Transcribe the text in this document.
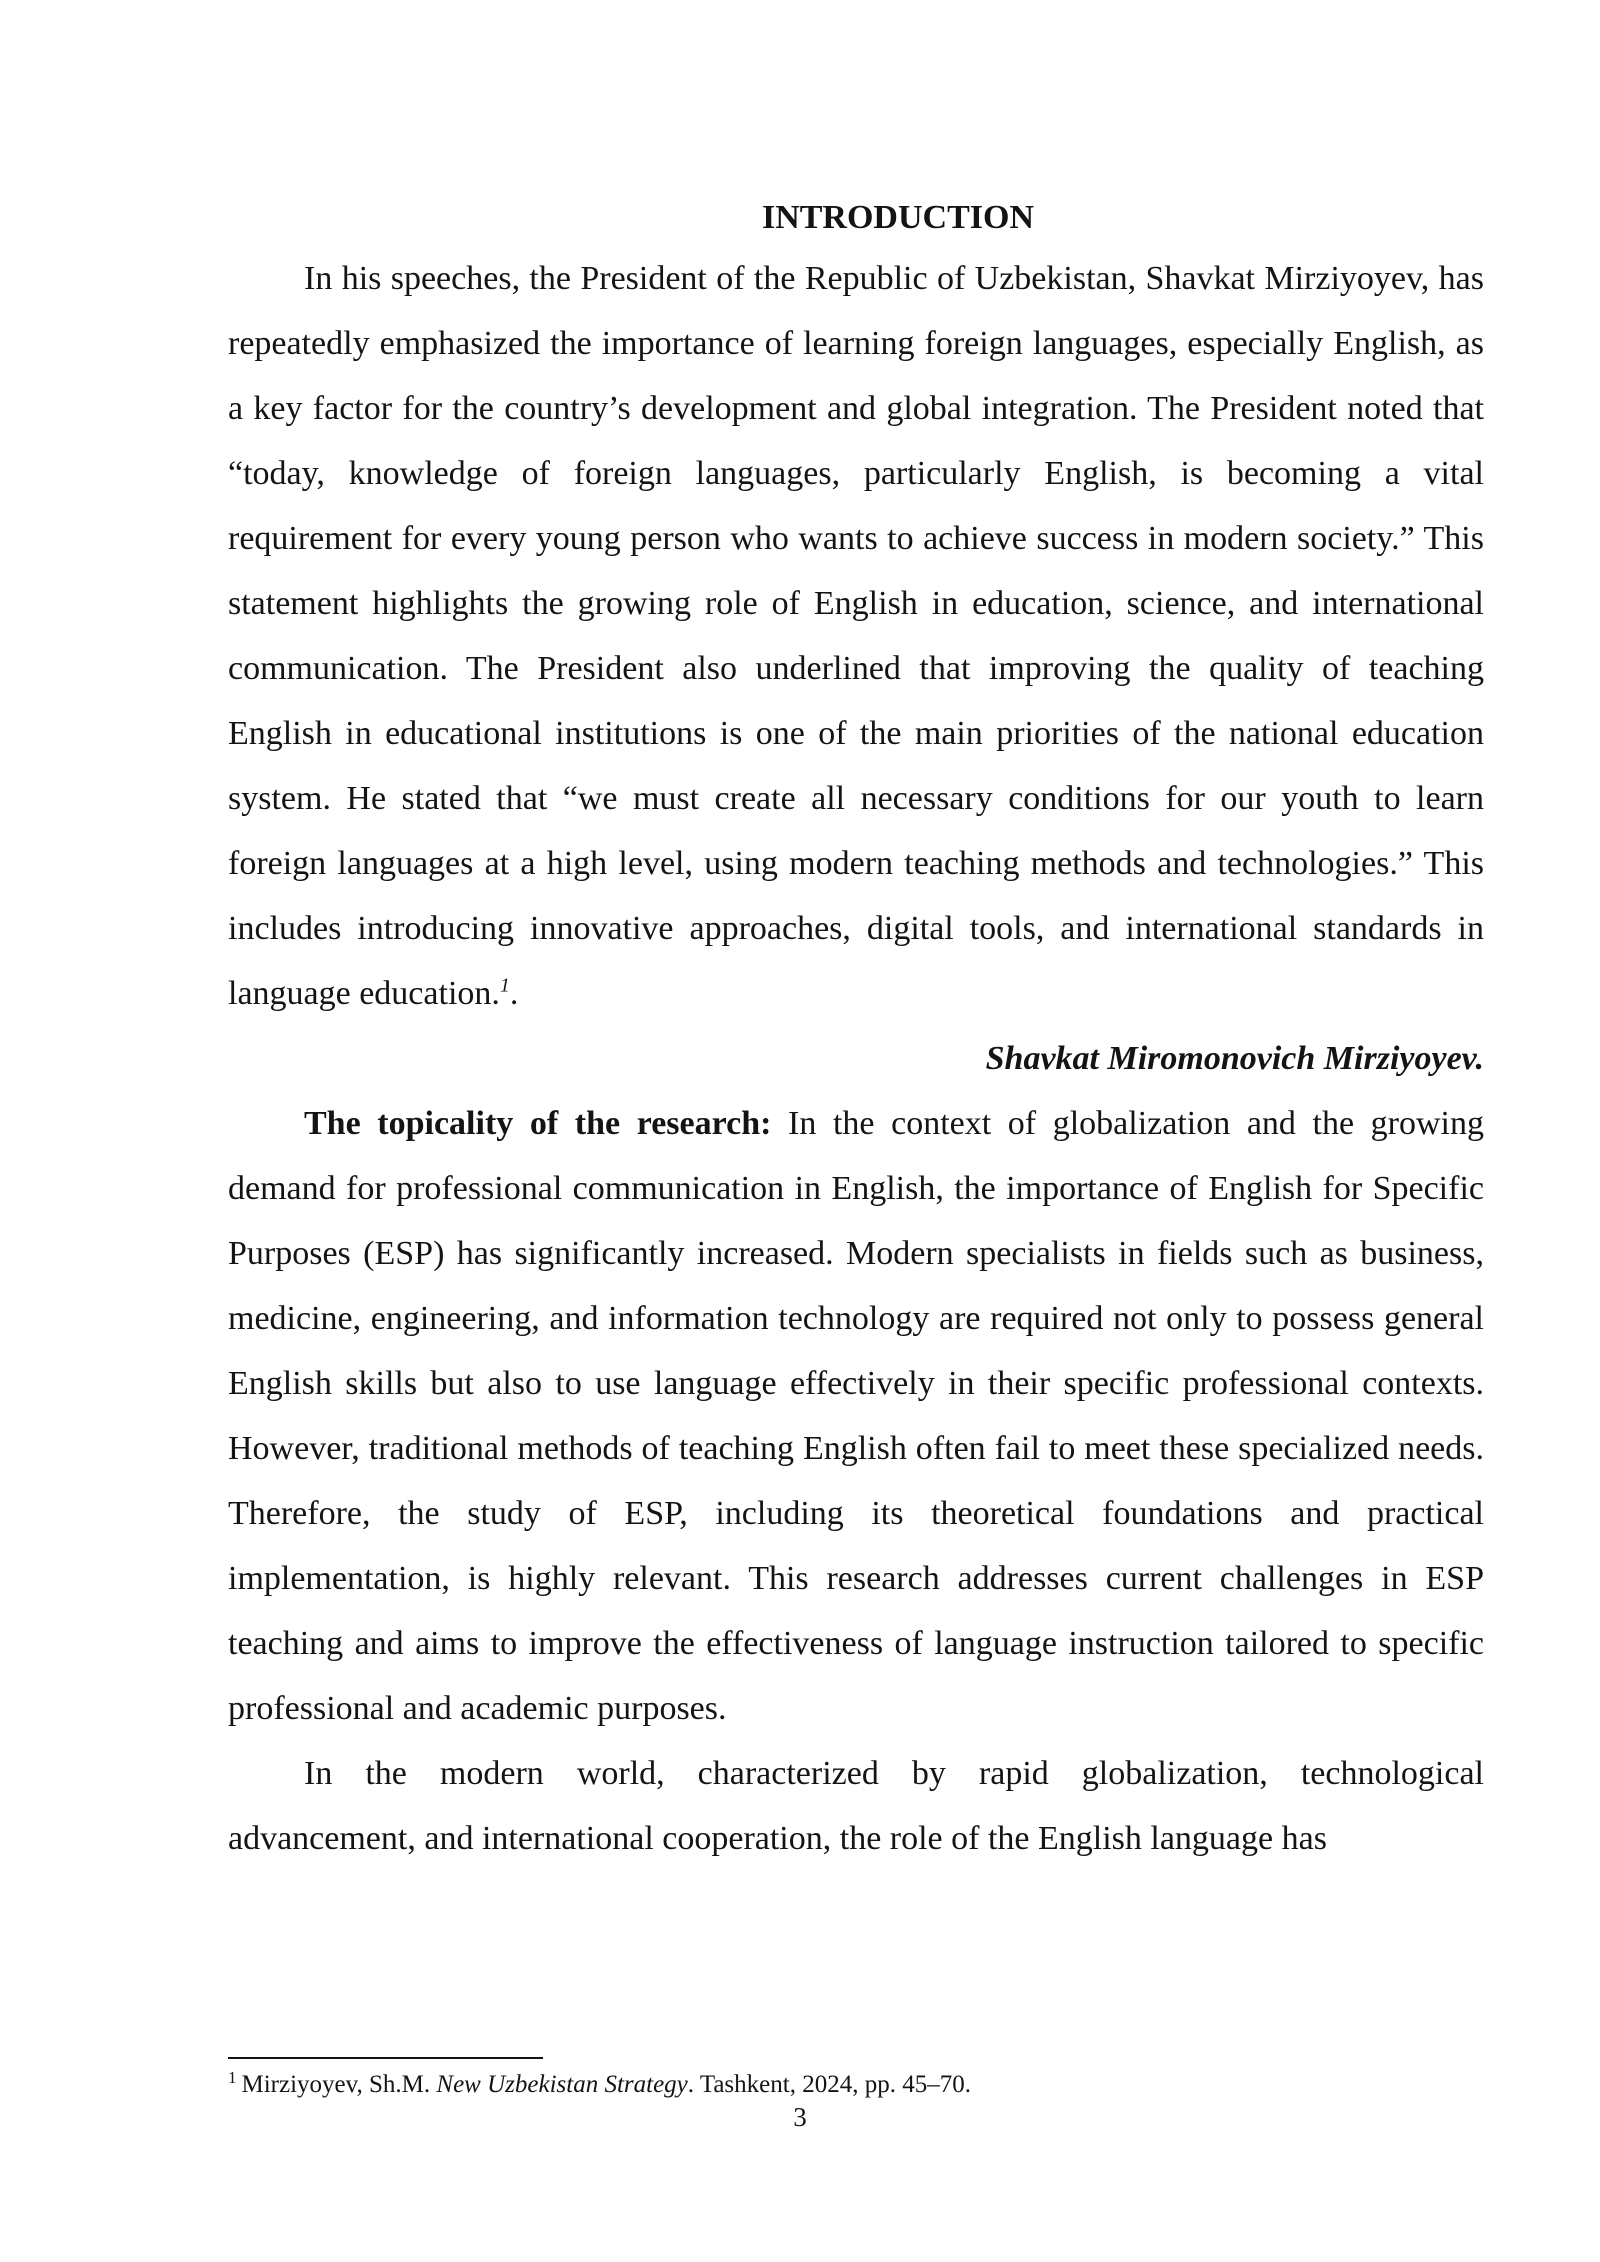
INTRODUCTION

In his speeches, the President of the Republic of Uzbekistan, Shavkat Mirziyoyev, has repeatedly emphasized the importance of learning foreign languages, especially English, as a key factor for the country’s development and global integration. The President noted that “today, knowledge of foreign languages, particularly English, is becoming a vital requirement for every young person who wants to achieve success in modern society.” This statement highlights the growing role of English in education, science, and international communication. The President also underlined that improving the quality of teaching English in educational institutions is one of the main priorities of the national education system. He stated that “we must create all necessary conditions for our youth to learn foreign languages at a high level, using modern teaching methods and technologies.” This includes introducing innovative approaches, digital tools, and international standards in language education.$^1$.

Shavkat Miromonovich Mirziyoyev.

The topicality of the research: In the context of globalization and the growing demand for professional communication in English, the importance of English for Specific Purposes (ESP) has significantly increased. Modern specialists in fields such as business, medicine, engineering, and information technology are required not only to possess general English skills but also to use language effectively in their specific professional contexts. However, traditional methods of teaching English often fail to meet these specialized needs. Therefore, the study of ESP, including its theoretical foundations and practical implementation, is highly relevant. This research addresses current challenges in ESP teaching and aims to improve the effectiveness of language instruction tailored to specific professional and academic purposes.

In the modern world, characterized by rapid globalization, technological advancement, and international cooperation, the role of the English language has

$^1$ Mirziyoyev, Sh.M. New Uzbekistan Strategy. Tashkent, 2024, pp. 45–70.
3
